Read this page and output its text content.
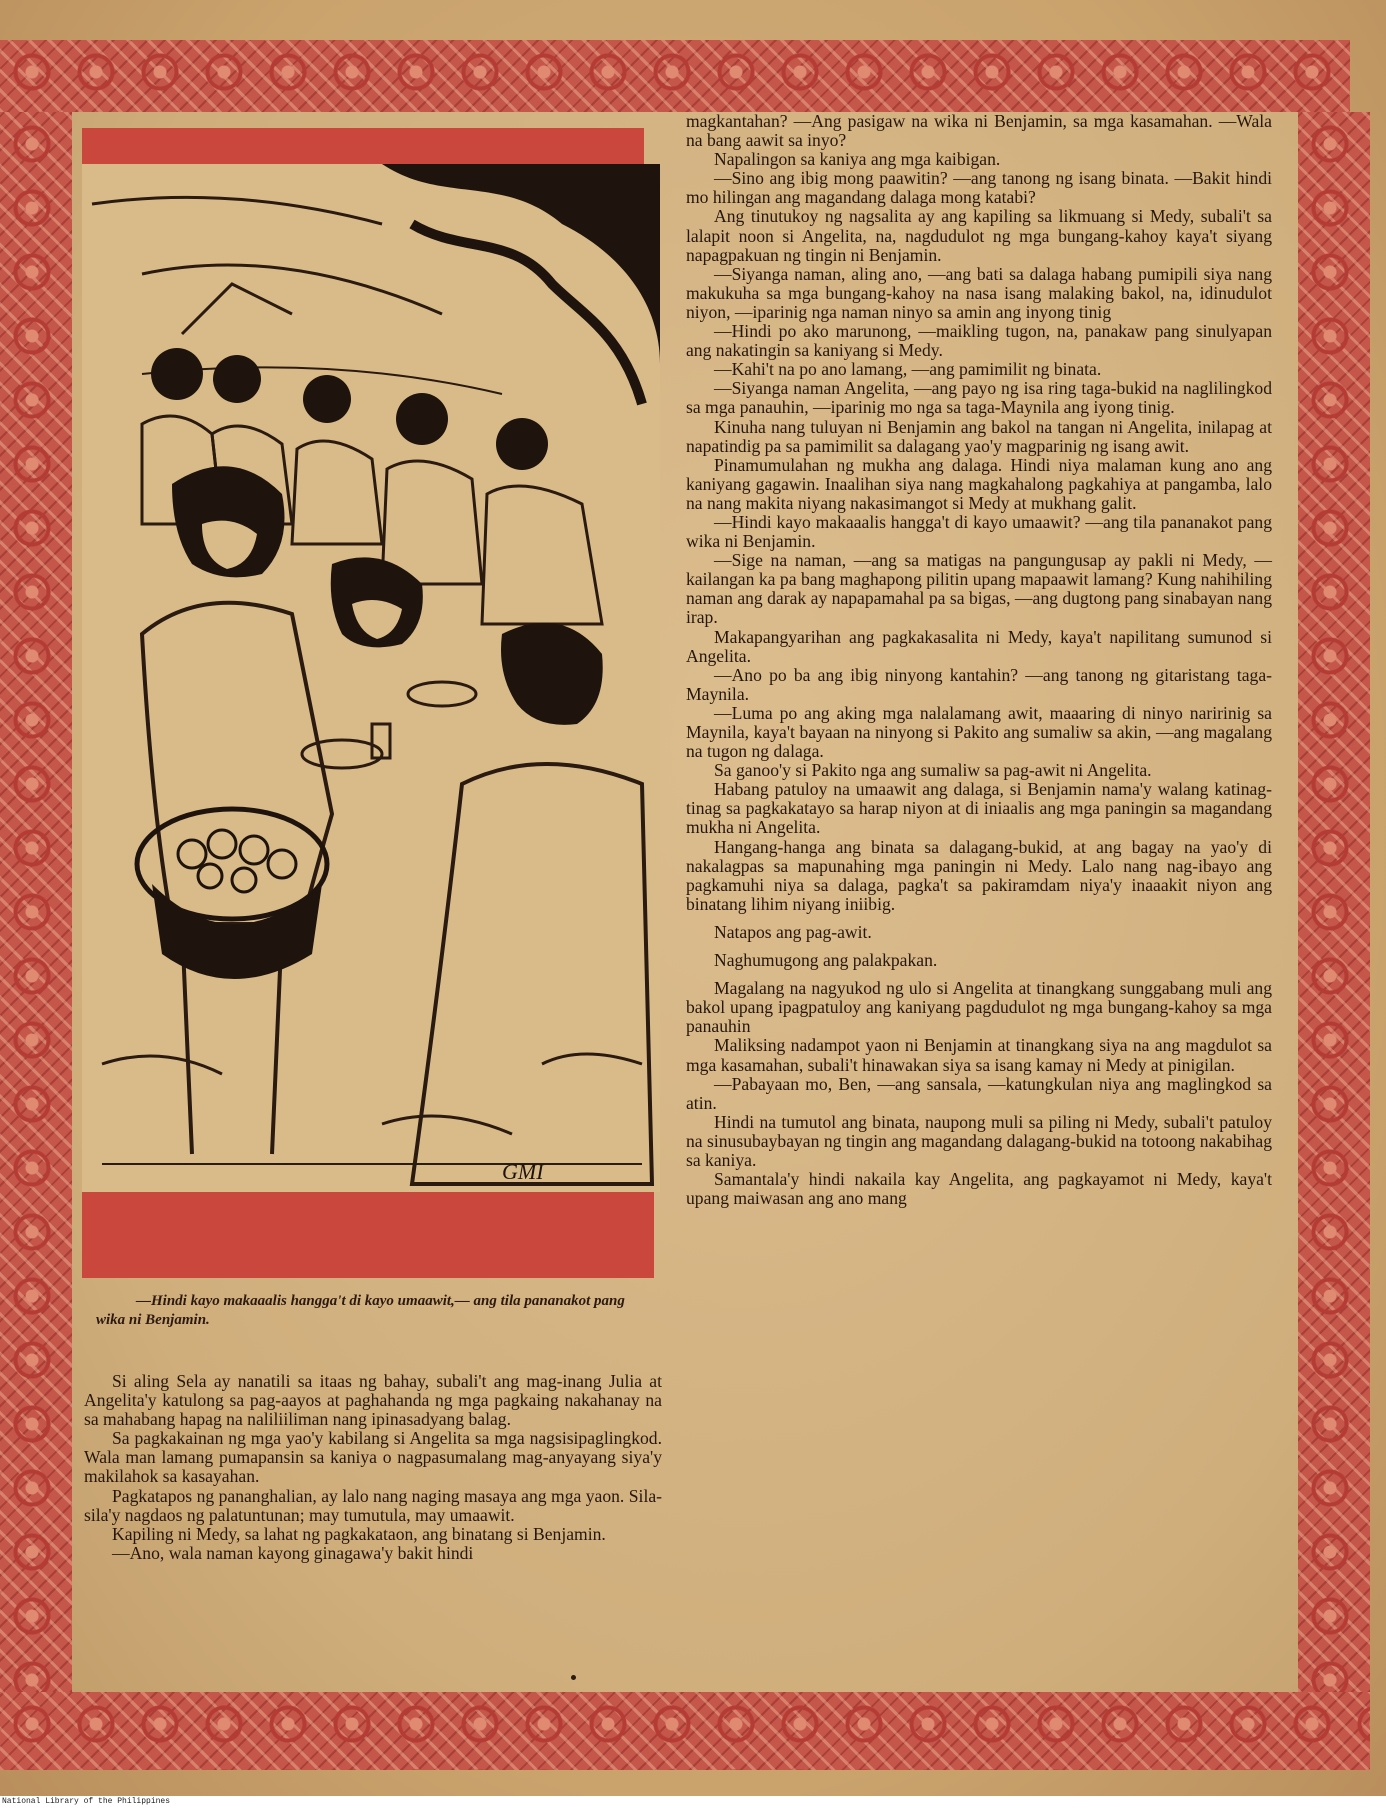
GMI
—Hindi kayo makaaalis hangga't di kayo umaawit,— ang tila pananakot pang wika ni Benjamin.

Si aling Sela ay nanatili sa itaas ng bahay, subali't ang mag-inang Julia at Angelita'y katulong sa pag-aayos at paghahanda ng mga pagkaing nakahanay na sa mahabang hapag na naliliiliman nang ipinasadyang balag.

Sa pagkakainan ng mga yao'y kabilang si Angelita sa mga nagsisipaglingkod. Wala man lamang pumapansin sa kaniya o nagpasumalang mag-anyayang siya'y makilahok sa kasayahan.

Pagkatapos ng pananghalian, ay lalo nang naging masaya ang mga yaon. Sila-sila'y nagdaos ng palatuntunan; may tumutula, may umaawit.

Kapiling ni Medy, sa lahat ng pagkakataon, ang binatang si Benjamin.

—Ano, wala naman kayong ginagawa'y bakit hindi

magkantahan? —Ang pasigaw na wika ni Benjamin, sa mga kasamahan. —Wala na bang aawit sa inyo?

Napalingon sa kaniya ang mga kaibigan.

—Sino ang ibig mong paawitin? —ang tanong ng isang binata. —Bakit hindi mo hilingan ang magandang dalaga mong katabi?

Ang tinutukoy ng nagsalita ay ang kapiling sa likmuang si Medy, subali't sa lalapit noon si Angelita, na, nagdudulot ng mga bungang-kahoy kaya't siyang napagpakuan ng tingin ni Benjamin.

—Siyanga naman, aling ano, —ang bati sa dalaga habang pumipili siya nang makukuha sa mga bungang-kahoy na nasa isang malaking bakol, na, idinudulot niyon, —iparinig nga naman ninyo sa amin ang inyong tinig

—Hindi po ako marunong, —maikling tugon, na, panakaw pang sinulyapan ang nakatingin sa kaniyang si Medy.

—Kahi't na po ano lamang, —ang pamimilit ng binata.

—Siyanga naman Angelita, —ang payo ng isa ring taga-bukid na naglilingkod sa mga panauhin, —iparinig mo nga sa taga-Maynila ang iyong tinig.

Kinuha nang tuluyan ni Benjamin ang bakol na tangan ni Angelita, inilapag at napatindig pa sa pamimilit sa dalagang yao'y magparinig ng isang awit.

Pinamumulahan ng mukha ang dalaga. Hindi niya malaman kung ano ang kaniyang gagawin. Inaalihan siya nang magkahalong pagkahiya at pangamba, lalo na nang makita niyang nakasimangot si Medy at mukhang galit.

—Hindi kayo makaaalis hangga't di kayo umaawit? —ang tila pananakot pang wika ni Benjamin.

—Sige na naman, —ang sa matigas na pangungusap ay pakli ni Medy, —kailangan ka pa bang maghapong pilitin upang mapaawit lamang? Kung nahihiling naman ang darak ay napapamahal pa sa bigas, —ang dugtong pang sinabayan nang irap.

Makapangyarihan ang pagkakasalita ni Medy, kaya't napilitang sumunod si Angelita.

—Ano po ba ang ibig ninyong kantahin? —ang tanong ng gitaristang taga-Maynila.

—Luma po ang aking mga nalalamang awit, maaaring di ninyo naririnig sa Maynila, kaya't bayaan na ninyong si Pakito ang sumaliw sa akin, —ang magalang na tugon ng dalaga.

Sa ganoo'y si Pakito nga ang sumaliw sa pag-awit ni Angelita.

Habang patuloy na umaawit ang dalaga, si Benjamin nama'y walang katinag-tinag sa pagkakatayo sa harap niyon at di iniaalis ang mga paningin sa magandang mukha ni Angelita.

Hangang-hanga ang binata sa dalagang-bukid, at ang bagay na yao'y di nakalagpas sa mapunahing mga paningin ni Medy. Lalo nang nag-ibayo ang pagkamuhi niya sa dalaga, pagka't sa pakiramdam niya'y inaaakit niyon ang binatang lihim niyang iniibig.

Natapos ang pag-awit.

Naghumugong ang palakpakan.

Magalang na nagyukod ng ulo si Angelita at tinangkang sunggabang muli ang bakol upang ipagpatuloy ang kaniyang pagdudulot ng mga bungang-kahoy sa mga panauhin

Maliksing nadampot yaon ni Benjamin at tinangkang siya na ang magdulot sa mga kasamahan, subali't hinawakan siya sa isang kamay ni Medy at pinigilan.

—Pabayaan mo, Ben, —ang sansala, —katungkulan niya ang maglingkod sa atin.

Hindi na tumutol ang binata, naupong muli sa piling ni Medy, subali't patuloy na sinusubaybayan ng tingin ang magandang dalagang-bukid na totoong nakabihag sa kaniya.

Samantala'y hindi nakaila kay Angelita, ang pagkayamot ni Medy, kaya't upang maiwasan ang ano mang

National Library of the Philippines
